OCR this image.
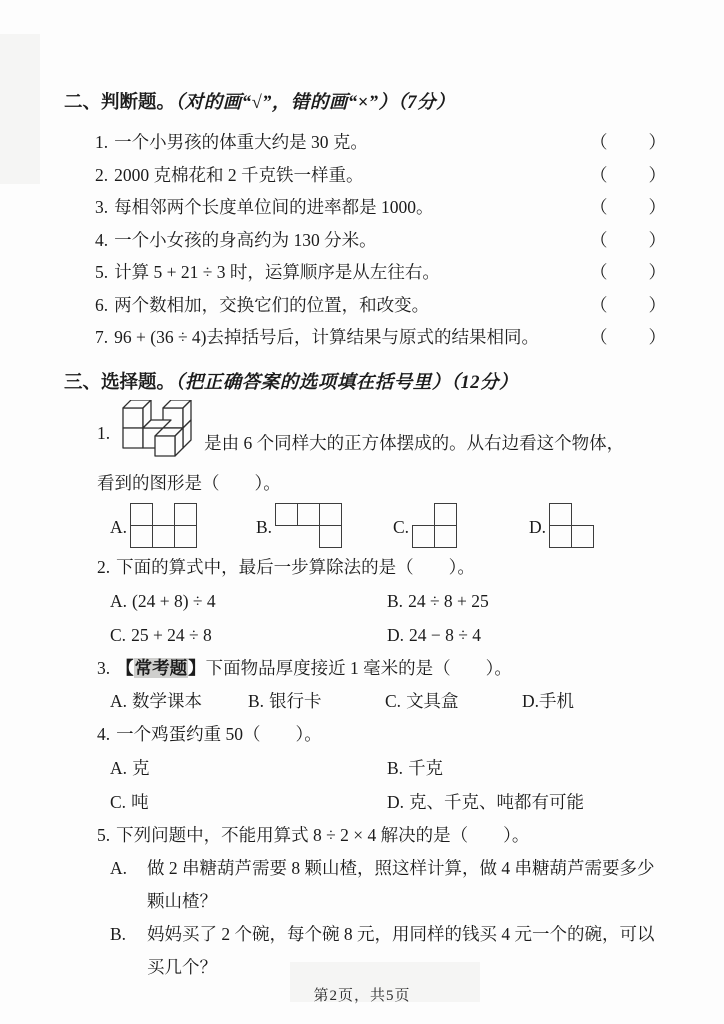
二、判断题。（对的画“√”，错的画“×”）（7分）
1. 一个小男孩的体重大约是 30 克。	（　　）
2. 2000 克棉花和 2 千克铁一样重。	（　　）
3. 每相邻两个长度单位间的进率都是 1000。	（　　）
4. 一个小女孩的身高约为 130 分米。	（　　）
5. 计算 5 + 21 ÷ 3 时，运算顺序是从左往右。	（　　）
6. 两个数相加，交换它们的位置，和改变。	（　　）
7. 96 + (36 ÷ 4)去掉括号后，计算结果与原式的结果相同。	（　　）
三、选择题。（把正确答案的选项填在括号里）（12分）
1.	是由 6 个同样大的正方体摆成的。从右边看这个物体，
看到的图形是（　　）。
A.	B.	C.	D.
2. 下面的算式中，最后一步算除法的是（　　）。
A. (24 + 8) ÷ 4	B. 24 ÷ 8 + 25
C. 25 + 24 ÷ 8	D. 24 − 8 ÷ 4
3. 【常考题】下面物品厚度接近 1 毫米的是（　　）。
A. 数学课本	B. 银行卡	C. 文具盒	D.手机
4. 一个鸡蛋约重 50（　　）。
A. 克	B. 千克
C. 吨	D. 克、千克、吨都有可能
5. 下列问题中，不能用算式 8 ÷ 2 × 4 解决的是（　　）。
A.	做 2 串糖葫芦需要 8 颗山楂，照这样计算，做 4 串糖葫芦需要多少颗山楂？
B.	妈妈买了 2 个碗，每个碗 8 元，用同样的钱买 4 元一个的碗，可以买几个？
第2页，共5页
